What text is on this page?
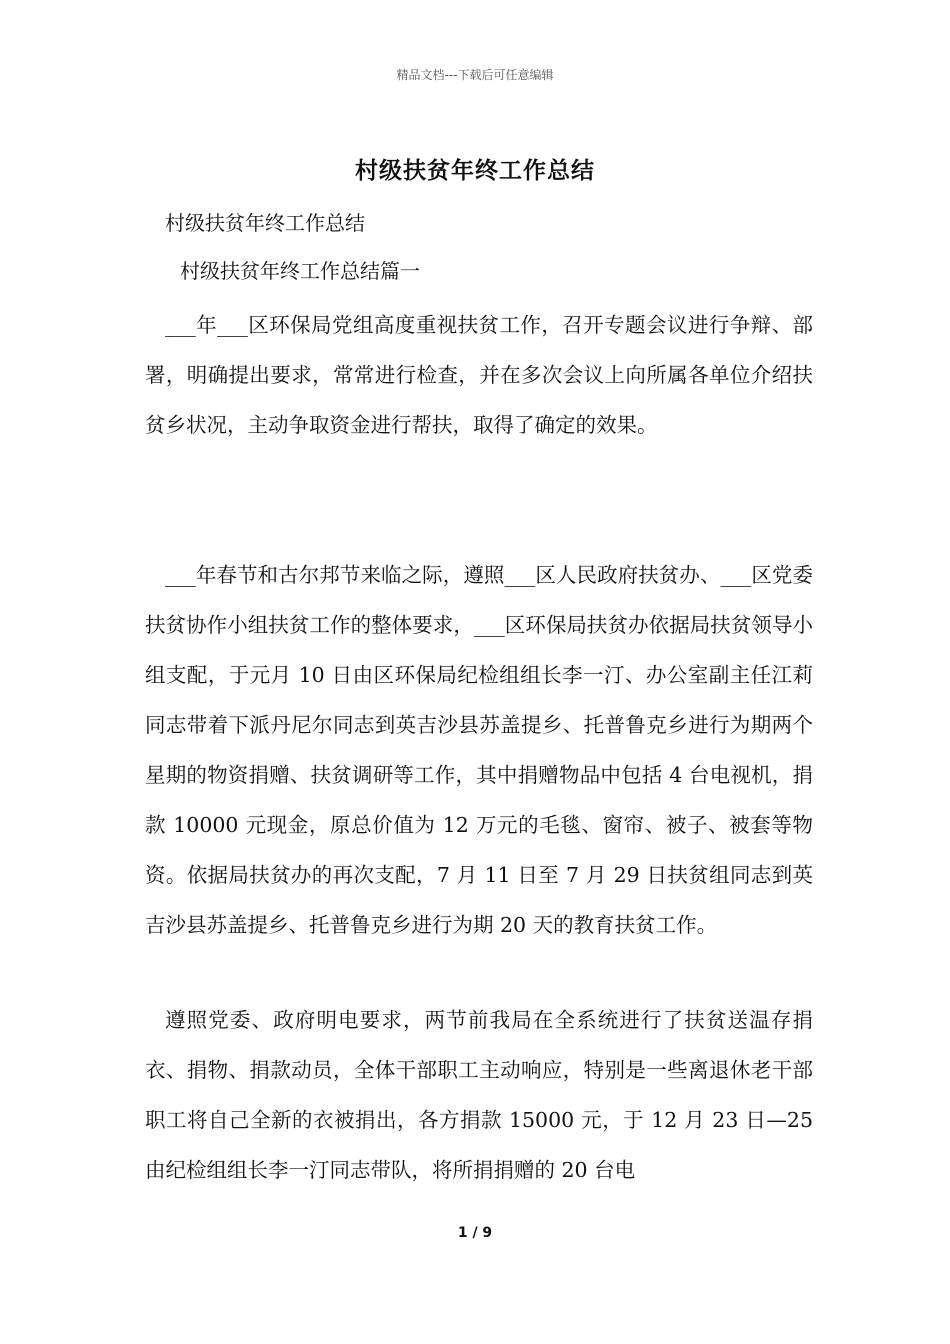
精品文档---下载后可任意编辑
村级扶贫年终工作总结
村级扶贫年终工作总结
村级扶贫年终工作总结篇一

___年___区环保局党组高度重视扶贫工作，召开专题会议进行争辩、部署，明确提出要求，常常进行检查，并在多次会议上向所属各单位介绍扶贫乡状况，主动争取资金进行帮扶，取得了确定的效果。

___年春节和古尔邦节来临之际，遵照___区人民政府扶贫办、___区党委扶贫协作小组扶贫工作的整体要求，___区环保局扶贫办依据局扶贫领导小组支配，于元月 10 日由区环保局纪检组组长李一汀、办公室副主任江莉同志带着下派丹尼尔同志到英吉沙县苏盖提乡、托普鲁克乡进行为期两个星期的物资捐赠、扶贫调研等工作，其中捐赠物品中包括 4 台电视机，捐款 10000 元现金，原总价值为 12 万元的毛毯、窗帘、被子、被套等物资。依据局扶贫办的再次支配，7 月 11 日至 7 月 29 日扶贫组同志到英吉沙县苏盖提乡、托普鲁克乡进行为期 20 天的教育扶贫工作。

遵照党委、政府明电要求，两节前我局在全系统进行了扶贫送温存捐衣、捐物、捐款动员，全体干部职工主动响应，特别是一些离退休老干部职工将自己全新的衣被捐出，各方捐款 15000 元，于 12 月 23 日—25 由纪检组组长李一汀同志带队，将所捐捐赠的 20 台电

1 / 9
